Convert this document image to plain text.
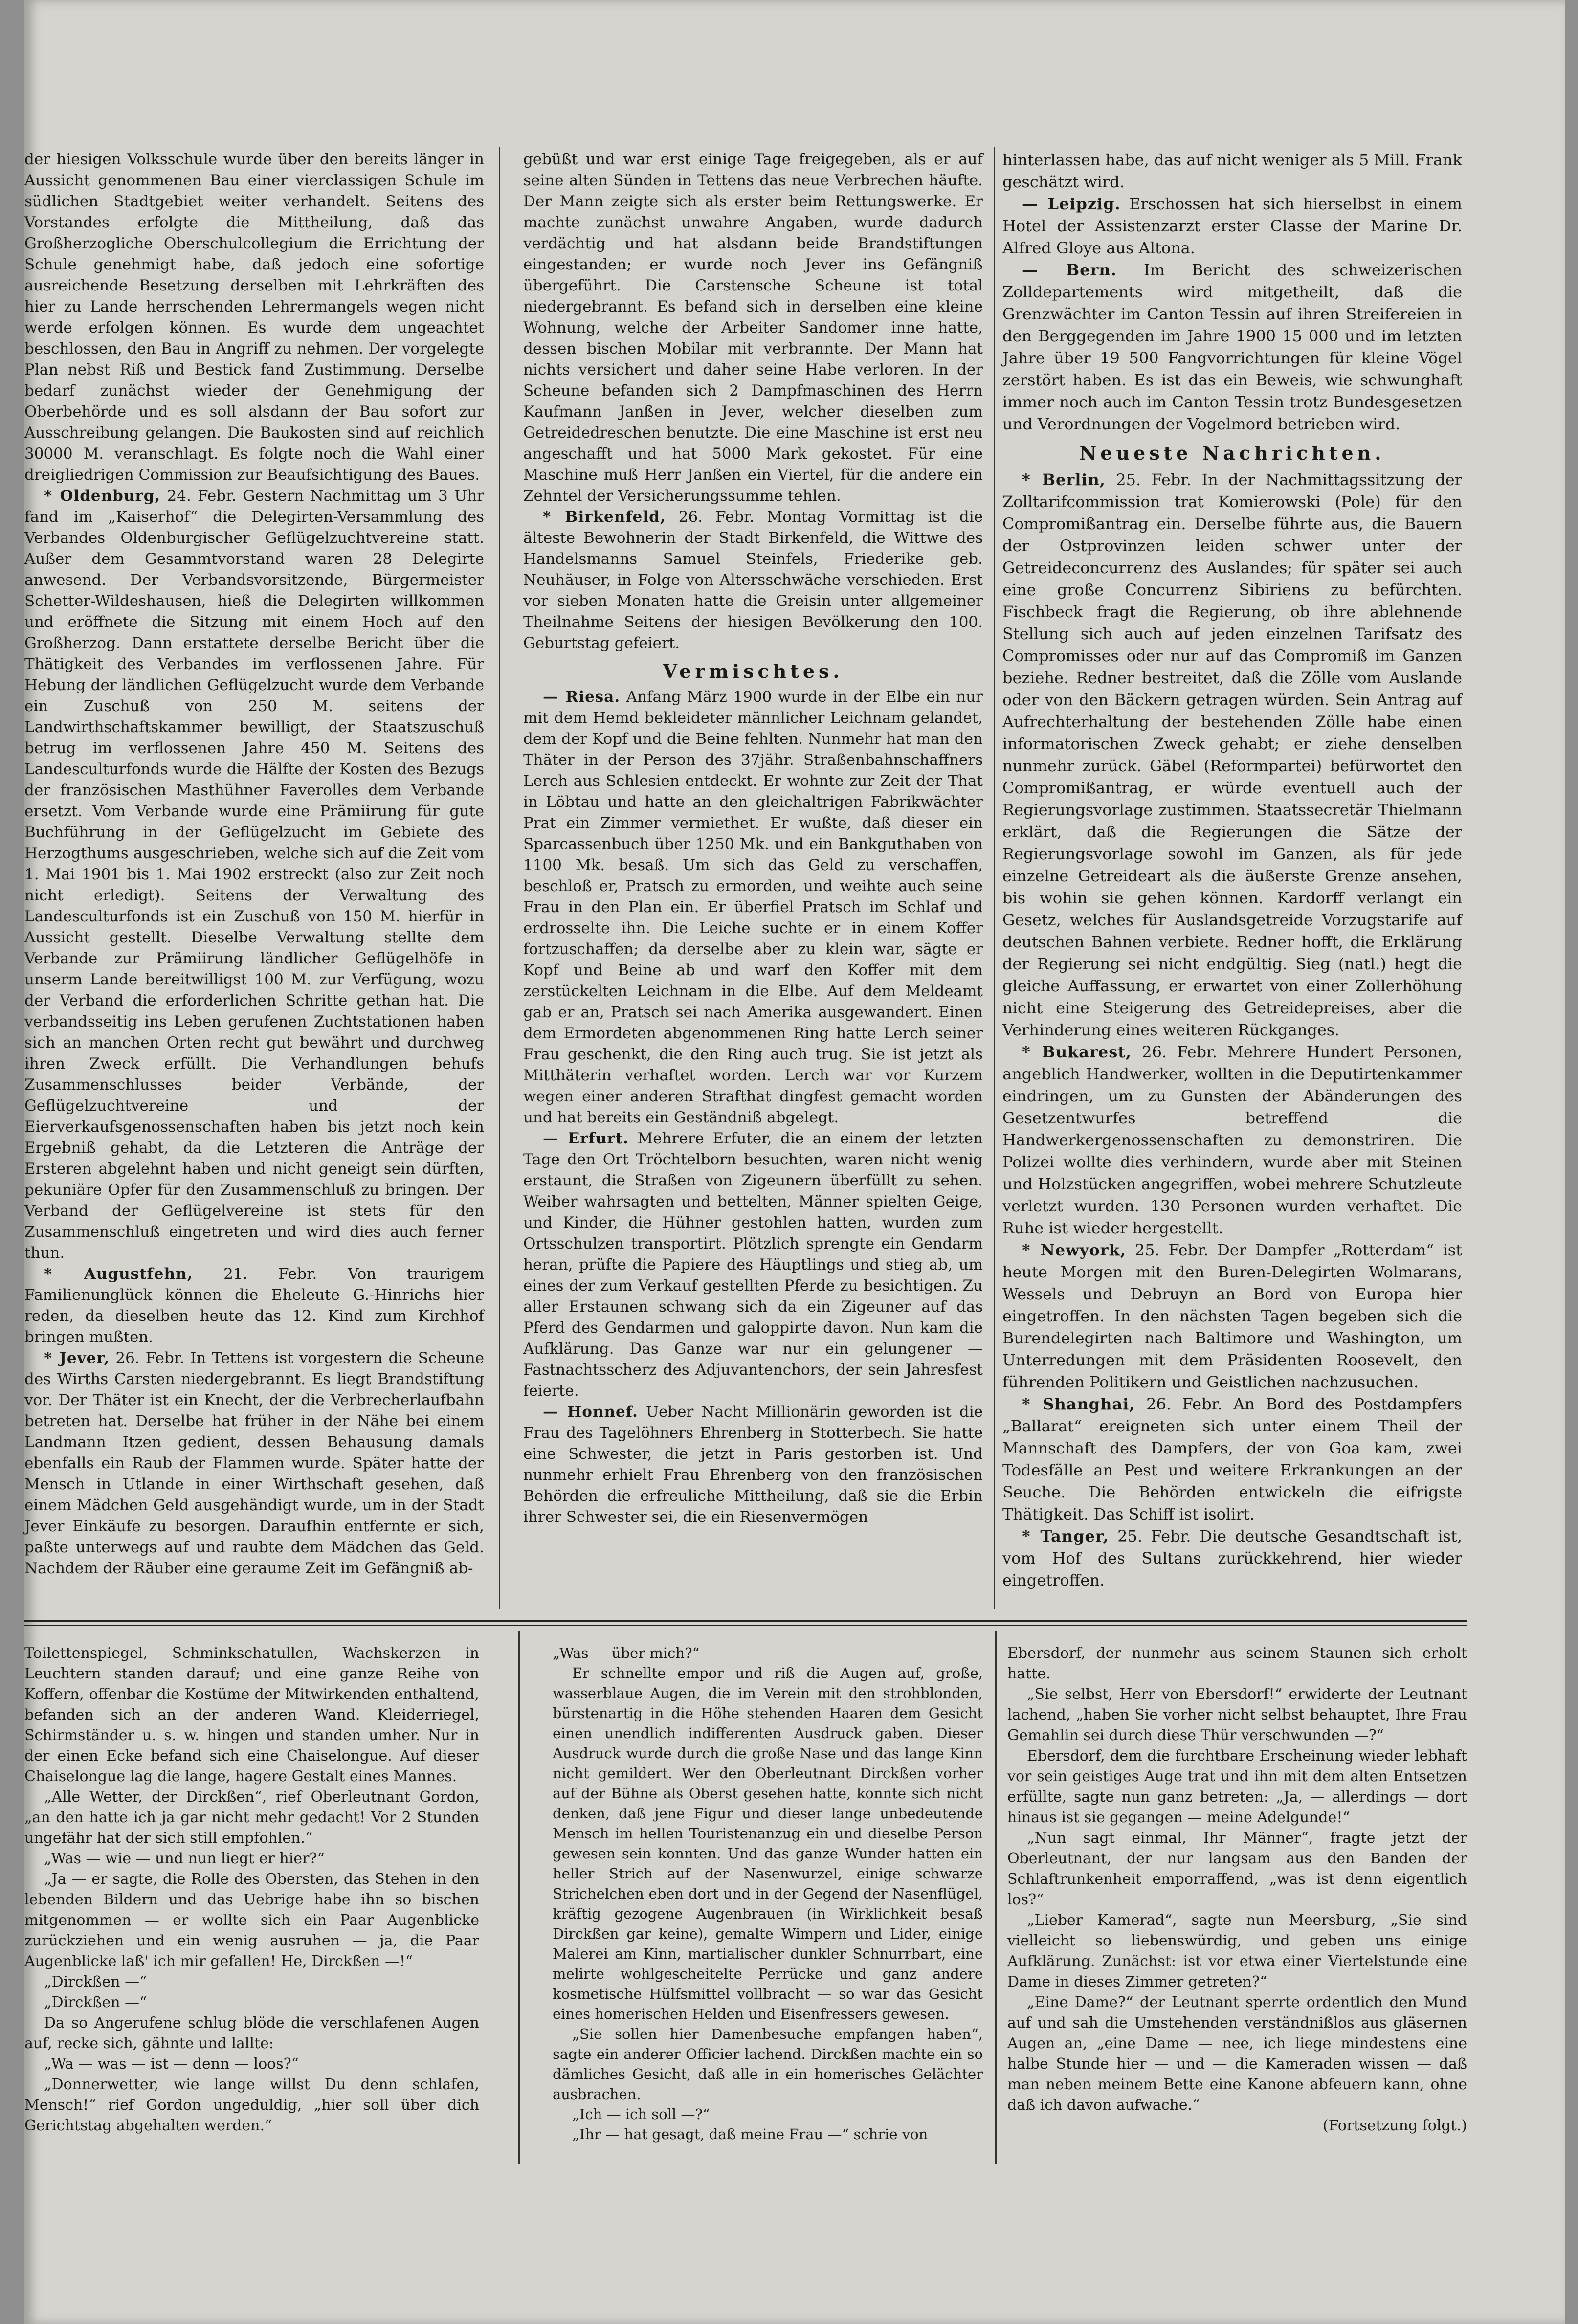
der hiesigen Volksschule wurde über den bereits länger in Aussicht genommenen Bau einer vierclassigen Schule im südlichen Stadtgebiet weiter verhandelt. Seitens des Vorstandes erfolgte die Mittheilung, daß das Großherzogliche Oberschulcollegium die Errichtung der Schule genehmigt habe, daß jedoch eine sofortige ausreichende Besetzung derselben mit Lehrkräften des hier zu Lande herrschenden Lehrermangels wegen nicht werde erfolgen können. Es wurde dem ungeachtet beschlossen, den Bau in Angriff zu nehmen. Der vorgelegte Plan nebst Riß und Bestick fand Zustimmung. Derselbe bedarf zunächst wieder der Genehmigung der Oberbehörde und es soll alsdann der Bau sofort zur Ausschreibung gelangen. Die Baukosten sind auf reichlich 30000 M. veranschlagt. Es folgte noch die Wahl einer dreigliedrigen Commission zur Beaufsichtigung des Baues.

* Oldenburg, 24. Febr. Gestern Nachmittag um 3 Uhr fand im „Kaiserhof“ die Delegirten-Versammlung des Verbandes Oldenburgischer Geflügelzuchtvereine statt. Außer dem Gesammtvorstand waren 28 Delegirte anwesend. Der Verbandsvorsitzende, Bürgermeister Schetter-Wildeshausen, hieß die Delegirten willkommen und eröffnete die Sitzung mit einem Hoch auf den Großherzog. Dann erstattete derselbe Bericht über die Thätigkeit des Verbandes im verflossenen Jahre. Für Hebung der ländlichen Geflügelzucht wurde dem Verbande ein Zuschuß von 250 M. seitens der Landwirthschaftskammer bewilligt, der Staatszuschuß betrug im verflossenen Jahre 450 M. Seitens des Landesculturfonds wurde die Hälfte der Kosten des Bezugs der französischen Masthühner Faverolles dem Verbande ersetzt. Vom Verbande wurde eine Prämiirung für gute Buchführung in der Geflügelzucht im Gebiete des Herzogthums ausgeschrieben, welche sich auf die Zeit vom 1. Mai 1901 bis 1. Mai 1902 erstreckt (also zur Zeit noch nicht erledigt). Seitens der Verwaltung des Landesculturfonds ist ein Zuschuß von 150 M. hierfür in Aussicht gestellt. Dieselbe Verwaltung stellte dem Verbande zur Prämiirung ländlicher Geflügelhöfe in unserm Lande bereitwilligst 100 M. zur Verfügung, wozu der Verband die erforderlichen Schritte gethan hat. Die verbandsseitig ins Leben gerufenen Zuchtstationen haben sich an manchen Orten recht gut bewährt und durchweg ihren Zweck erfüllt. Die Verhandlungen behufs Zusammenschlusses beider Verbände, der Geflügelzuchtvereine und der Eierverkaufsgenossenschaften haben bis jetzt noch kein Ergebniß gehabt, da die Letzteren die Anträge der Ersteren abgelehnt haben und nicht geneigt sein dürften, pekuniäre Opfer für den Zusammenschluß zu bringen. Der Verband der Geflügelvereine ist stets für den Zusammenschluß eingetreten und wird dies auch ferner thun.

* Augustfehn, 21. Febr. Von traurigem Familienunglück können die Eheleute G.-Hinrichs hier reden, da dieselben heute das 12. Kind zum Kirchhof bringen mußten.

* Jever, 26. Febr. In Tettens ist vorgestern die Scheune des Wirths Carsten niedergebrannt. Es liegt Brandstiftung vor. Der Thäter ist ein Knecht, der die Verbrecherlaufbahn betreten hat. Derselbe hat früher in der Nähe bei einem Landmann Itzen gedient, dessen Behausung damals ebenfalls ein Raub der Flammen wurde. Später hatte der Mensch in Utlande in einer Wirthschaft gesehen, daß einem Mädchen Geld ausgehändigt wurde, um in der Stadt Jever Einkäufe zu besorgen. Daraufhin entfernte er sich, paßte unterwegs auf und raubte dem Mädchen das Geld. Nachdem der Räuber eine geraume Zeit im Gefängniß ab-

gebüßt und war erst einige Tage freigegeben, als er auf seine alten Sünden in Tettens das neue Verbrechen häufte. Der Mann zeigte sich als erster beim Rettungswerke. Er machte zunächst unwahre Angaben, wurde dadurch verdächtig und hat alsdann beide Brandstiftungen eingestanden; er wurde noch Jever ins Gefängniß übergeführt. Die Carstensche Scheune ist total niedergebrannt. Es befand sich in derselben eine kleine Wohnung, welche der Arbeiter Sandomer inne hatte, dessen bischen Mobilar mit verbrannte. Der Mann hat nichts versichert und daher seine Habe verloren. In der Scheune befanden sich 2 Dampfmaschinen des Herrn Kaufmann Janßen in Jever, welcher dieselben zum Getreidedreschen benutzte. Die eine Maschine ist erst neu angeschafft und hat 5000 Mark gekostet. Für eine Maschine muß Herr Janßen ein Viertel, für die andere ein Zehntel der Versicherungssumme tehlen.

* Birkenfeld, 26. Febr. Montag Vormittag ist die älteste Bewohnerin der Stadt Birkenfeld, die Wittwe des Handelsmanns Samuel Steinfels, Friederike geb. Neuhäuser, in Folge von Altersschwäche verschieden. Erst vor sieben Monaten hatte die Greisin unter allgemeiner Theilnahme Seitens der hiesigen Bevölkerung den 100. Geburtstag gefeiert.

Vermischtes.

— Riesa. Anfang März 1900 wurde in der Elbe ein nur mit dem Hemd bekleideter männlicher Leichnam gelandet, dem der Kopf und die Beine fehlten. Nunmehr hat man den Thäter in der Person des 37jähr. Straßenbahnschaffners Lerch aus Schlesien entdeckt. Er wohnte zur Zeit der That in Löbtau und hatte an den gleichaltrigen Fabrikwächter Prat ein Zimmer vermiethet. Er wußte, daß dieser ein Sparcassenbuch über 1250 Mk. und ein Bankguthaben von 1100 Mk. besaß. Um sich das Geld zu verschaffen, beschloß er, Pratsch zu ermorden, und weihte auch seine Frau in den Plan ein. Er überfiel Pratsch im Schlaf und erdrosselte ihn. Die Leiche suchte er in einem Koffer fortzuschaffen; da derselbe aber zu klein war, sägte er Kopf und Beine ab und warf den Koffer mit dem zerstückelten Leichnam in die Elbe. Auf dem Meldeamt gab er an, Pratsch sei nach Amerika ausgewandert. Einen dem Ermordeten abgenommenen Ring hatte Lerch seiner Frau geschenkt, die den Ring auch trug. Sie ist jetzt als Mitthäterin verhaftet worden. Lerch war vor Kurzem wegen einer anderen Strafthat dingfest gemacht worden und hat bereits ein Geständniß abgelegt.

— Erfurt. Mehrere Erfuter, die an einem der letzten Tage den Ort Tröchtelborn besuchten, waren nicht wenig erstaunt, die Straßen von Zigeunern überfüllt zu sehen. Weiber wahrsagten und bettelten, Männer spielten Geige, und Kinder, die Hühner gestohlen hatten, wurden zum Ortsschulzen transportirt. Plötzlich sprengte ein Gendarm heran, prüfte die Papiere des Häuptlings und stieg ab, um eines der zum Verkauf gestellten Pferde zu besichtigen. Zu aller Erstaunen schwang sich da ein Zigeuner auf das Pferd des Gendarmen und galoppirte davon. Nun kam die Aufklärung. Das Ganze war nur ein gelungener — Fastnachtsscherz des Adjuvantenchors, der sein Jahresfest feierte.

— Honnef. Ueber Nacht Millionärin geworden ist die Frau des Tagelöhners Ehrenberg in Stotterbech. Sie hatte eine Schwester, die jetzt in Paris gestorben ist. Und nunmehr erhielt Frau Ehrenberg von den französischen Behörden die erfreuliche Mittheilung, daß sie die Erbin ihrer Schwester sei, die ein Riesenvermögen

hinterlassen habe, das auf nicht weniger als 5 Mill. Frank geschätzt wird.

— Leipzig. Erschossen hat sich hierselbst in einem Hotel der Assistenzarzt erster Classe der Marine Dr. Alfred Gloye aus Altona.

— Bern. Im Bericht des schweizerischen Zolldepartements wird mitgetheilt, daß die Grenzwächter im Canton Tessin auf ihren Streifereien in den Berggegenden im Jahre 1900 15 000 und im letzten Jahre über 19 500 Fangvorrichtungen für kleine Vögel zerstört haben. Es ist das ein Beweis, wie schwunghaft immer noch auch im Canton Tessin trotz Bundesgesetzen und Verordnungen der Vogelmord betrieben wird.

Neueste Nachrichten.

* Berlin, 25. Febr. In der Nachmittagssitzung der Zolltarifcommission trat Komierowski (Pole) für den Compromißantrag ein. Derselbe führte aus, die Bauern der Ostprovinzen leiden schwer unter der Getreideconcurrenz des Auslandes; für später sei auch eine große Concurrenz Sibiriens zu befürchten. Fischbeck fragt die Regierung, ob ihre ablehnende Stellung sich auch auf jeden einzelnen Tarifsatz des Compromisses oder nur auf das Compromiß im Ganzen beziehe. Redner bestreitet, daß die Zölle vom Auslande oder von den Bäckern getragen würden. Sein Antrag auf Aufrechterhaltung der bestehenden Zölle habe einen informatorischen Zweck gehabt; er ziehe denselben nunmehr zurück. Gäbel (Reformpartei) befürwortet den Compromißantrag, er würde eventuell auch der Regierungsvorlage zustimmen. Staatssecretär Thielmann erklärt, daß die Regierungen die Sätze der Regierungsvorlage sowohl im Ganzen, als für jede einzelne Getreideart als die äußerste Grenze ansehen, bis wohin sie gehen können. Kardorff verlangt ein Gesetz, welches für Auslandsgetreide Vorzugstarife auf deutschen Bahnen verbiete. Redner hofft, die Erklärung der Regierung sei nicht endgültig. Sieg (natl.) hegt die gleiche Auffassung, er erwartet von einer Zollerhöhung nicht eine Steigerung des Getreidepreises, aber die Verhinderung eines weiteren Rückganges.

* Bukarest, 26. Febr. Mehrere Hundert Personen, angeblich Handwerker, wollten in die Deputirtenkammer eindringen, um zu Gunsten der Abänderungen des Gesetzentwurfes betreffend die Handwerkergenossenschaften zu demonstriren. Die Polizei wollte dies verhindern, wurde aber mit Steinen und Holzstücken angegriffen, wobei mehrere Schutzleute verletzt wurden. 130 Personen wurden verhaftet. Die Ruhe ist wieder hergestellt.

* Newyork, 25. Febr. Der Dampfer „Rotterdam“ ist heute Morgen mit den Buren-Delegirten Wolmarans, Wessels und Debruyn an Bord von Europa hier eingetroffen. In den nächsten Tagen begeben sich die Burendelegirten nach Baltimore und Washington, um Unterredungen mit dem Präsidenten Roosevelt, den führenden Politikern und Geistlichen nachzusuchen.

* Shanghai, 26. Febr. An Bord des Postdampfers „Ballarat“ ereigneten sich unter einem Theil der Mannschaft des Dampfers, der von Goa kam, zwei Todesfälle an Pest und weitere Erkrankungen an der Seuche. Die Behörden entwickeln die eifrigste Thätigkeit. Das Schiff ist isolirt.

* Tanger, 25. Febr. Die deutsche Gesandtschaft ist, vom Hof des Sultans zurückkehrend, hier wieder eingetroffen.

Toilettenspiegel, Schminkschatullen, Wachskerzen in Leuchtern standen darauf; und eine ganze Reihe von Koffern, offenbar die Kostüme der Mitwirkenden enthaltend, befanden sich an der anderen Wand. Kleiderriegel, Schirmständer u. s. w. hingen und standen umher. Nur in der einen Ecke befand sich eine Chaiselongue. Auf dieser Chaiselongue lag die lange, hagere Gestalt eines Mannes.

„Alle Wetter, der Dirckßen“, rief Oberleutnant Gordon, „an den hatte ich ja gar nicht mehr gedacht! Vor 2 Stunden ungefähr hat der sich still empfohlen.“

„Was — wie — und nun liegt er hier?“

„Ja — er sagte, die Rolle des Obersten, das Stehen in den lebenden Bildern und das Uebrige habe ihn so bischen mitgenommen — er wollte sich ein Paar Augenblicke zurückziehen und ein wenig ausruhen — ja, die Paar Augenblicke laß' ich mir gefallen! He, Dirckßen —!“

„Dirckßen —“

„Dirckßen —“

Da so Angerufene schlug blöde die verschlafenen Augen auf, recke sich, gähnte und lallte:

„Wa — was — ist — denn — loos?“

„Donnerwetter, wie lange willst Du denn schlafen, Mensch!“ rief Gordon ungeduldig, „hier soll über dich Gerichtstag abgehalten werden.“

„Was — über mich?“

Er schnellte empor und riß die Augen auf, große, wasserblaue Augen, die im Verein mit den strohblonden, bürstenartig in die Höhe stehenden Haaren dem Gesicht einen unendlich indifferenten Ausdruck gaben. Dieser Ausdruck wurde durch die große Nase und das lange Kinn nicht gemildert. Wer den Oberleutnant Dirckßen vorher auf der Bühne als Oberst gesehen hatte, konnte sich nicht denken, daß jene Figur und dieser lange unbedeutende Mensch im hellen Touristenanzug ein und dieselbe Person gewesen sein konnten. Und das ganze Wunder hatten ein heller Strich auf der Nasenwurzel, einige schwarze Strichelchen eben dort und in der Gegend der Nasenflügel, kräftig gezogene Augenbrauen (in Wirklichkeit besaß Dirckßen gar keine), gemalte Wimpern und Lider, einige Malerei am Kinn, martialischer dunkler Schnurrbart, eine melirte wohlgescheitelte Perrücke und ganz andere kosmetische Hülfsmittel vollbracht — so war das Gesicht eines homerischen Helden und Eisenfressers gewesen.

„Sie sollen hier Damenbesuche empfangen haben“, sagte ein anderer Officier lachend. Dirckßen machte ein so dämliches Gesicht, daß alle in ein homerisches Gelächter ausbrachen.

„Ich — ich soll —?“

„Ihr — hat gesagt, daß meine Frau —“ schrie von

Ebersdorf, der nunmehr aus seinem Staunen sich erholt hatte.

„Sie selbst, Herr von Ebersdorf!“ erwiderte der Leutnant lachend, „haben Sie vorher nicht selbst behauptet, Ihre Frau Gemahlin sei durch diese Thür verschwunden —?“

Ebersdorf, dem die furchtbare Erscheinung wieder lebhaft vor sein geistiges Auge trat und ihn mit dem alten Entsetzen erfüllte, sagte nun ganz betreten: „Ja, — allerdings — dort hinaus ist sie gegangen — meine Adelgunde!“

„Nun sagt einmal, Ihr Männer“, fragte jetzt der Oberleutnant, der nur langsam aus den Banden der Schlaftrunkenheit emporraffend, „was ist denn eigentlich los?“

„Lieber Kamerad“, sagte nun Meersburg, „Sie sind vielleicht so liebenswürdig, und geben uns einige Aufklärung. Zunächst: ist vor etwa einer Viertelstunde eine Dame in dieses Zimmer getreten?“

„Eine Dame?“ der Leutnant sperrte ordentlich den Mund auf und sah die Umstehenden verständnißlos aus gläsernen Augen an, „eine Dame — nee, ich liege mindestens eine halbe Stunde hier — und — die Kameraden wissen — daß man neben meinem Bette eine Kanone abfeuern kann, ohne daß ich davon aufwache.“

(Fortsetzung folgt.)
